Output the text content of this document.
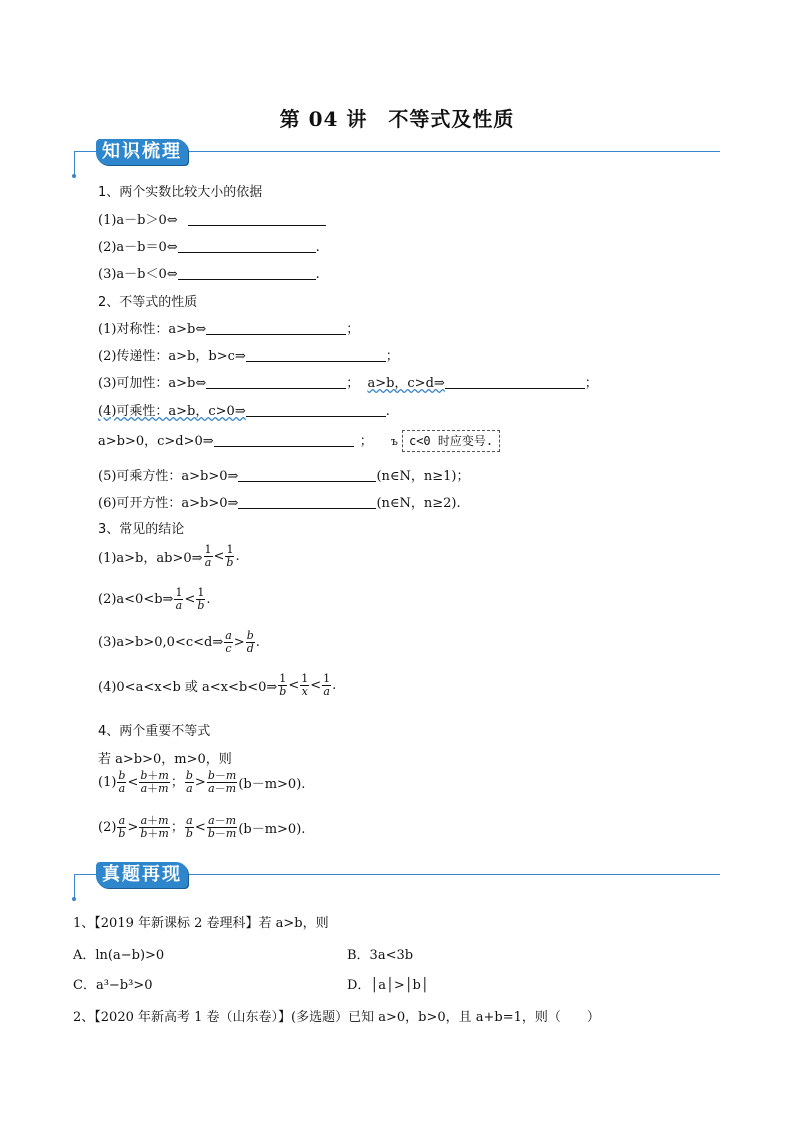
第 04 讲　不等式及性质
知识梳理
1、两个实数比较大小的依据
(1)a－b＞0⇔
(2)a－b＝0⇔	.
(3)a－b＜0⇔	.
2、不等式的性质
(1)对称性：a>b⇔	；
(2)传递性：a>b，b>c⇒	；
(3)可加性：a>b⇔	； a>b，c>d⇒	；
(4)可乘性：a>b，c>0⇒	.
a>b>0，c>d>0⇒	； ъ c<0 时应变号.
(5)可乘方性：a>b>0⇒	(n∈N，n≥1)；
(6)可开方性：a>b>0⇒	(n∈N，n≥2).
3、常见的结论
(1)a>b，ab>0⇒ $\frac{1}{a} < \frac{1}{b}$ .
(2)a<0<b⇒ $\frac{1}{a} < \frac{1}{b}$ .
(3)a>b>0,0<c<d⇒ $\frac{a}{c} > \frac{b}{d}$ .
(4)0<a<x<b 或 a<x<b<0⇒ $\frac{1}{b} < \frac{1}{x} < \frac{1}{a}$ .
4、两个重要不等式
若 a>b>0，m>0，则
$(1) \frac{b}{a} < \frac{b+m}{a+m}$ ； $\frac{b}{a} > \frac{b-m}{a-m} (b-m>0)$.
$(2) \frac{a}{b} > \frac{a+m}{b+m}$ ； $\frac{a}{b} < \frac{a-m}{b-m} (b-m>0)$.
真题再现
1、【2019 年新课标 2 卷理科】若 a>b，则
A．ln(a−b)>0	B．3a<3b
C．a³−b³>0	D．│a│>│b│
2、【2020 年新高考 1 卷（山东卷）】(多选题）已知 a>0，b>0，且 a+b=1，则（　　）
